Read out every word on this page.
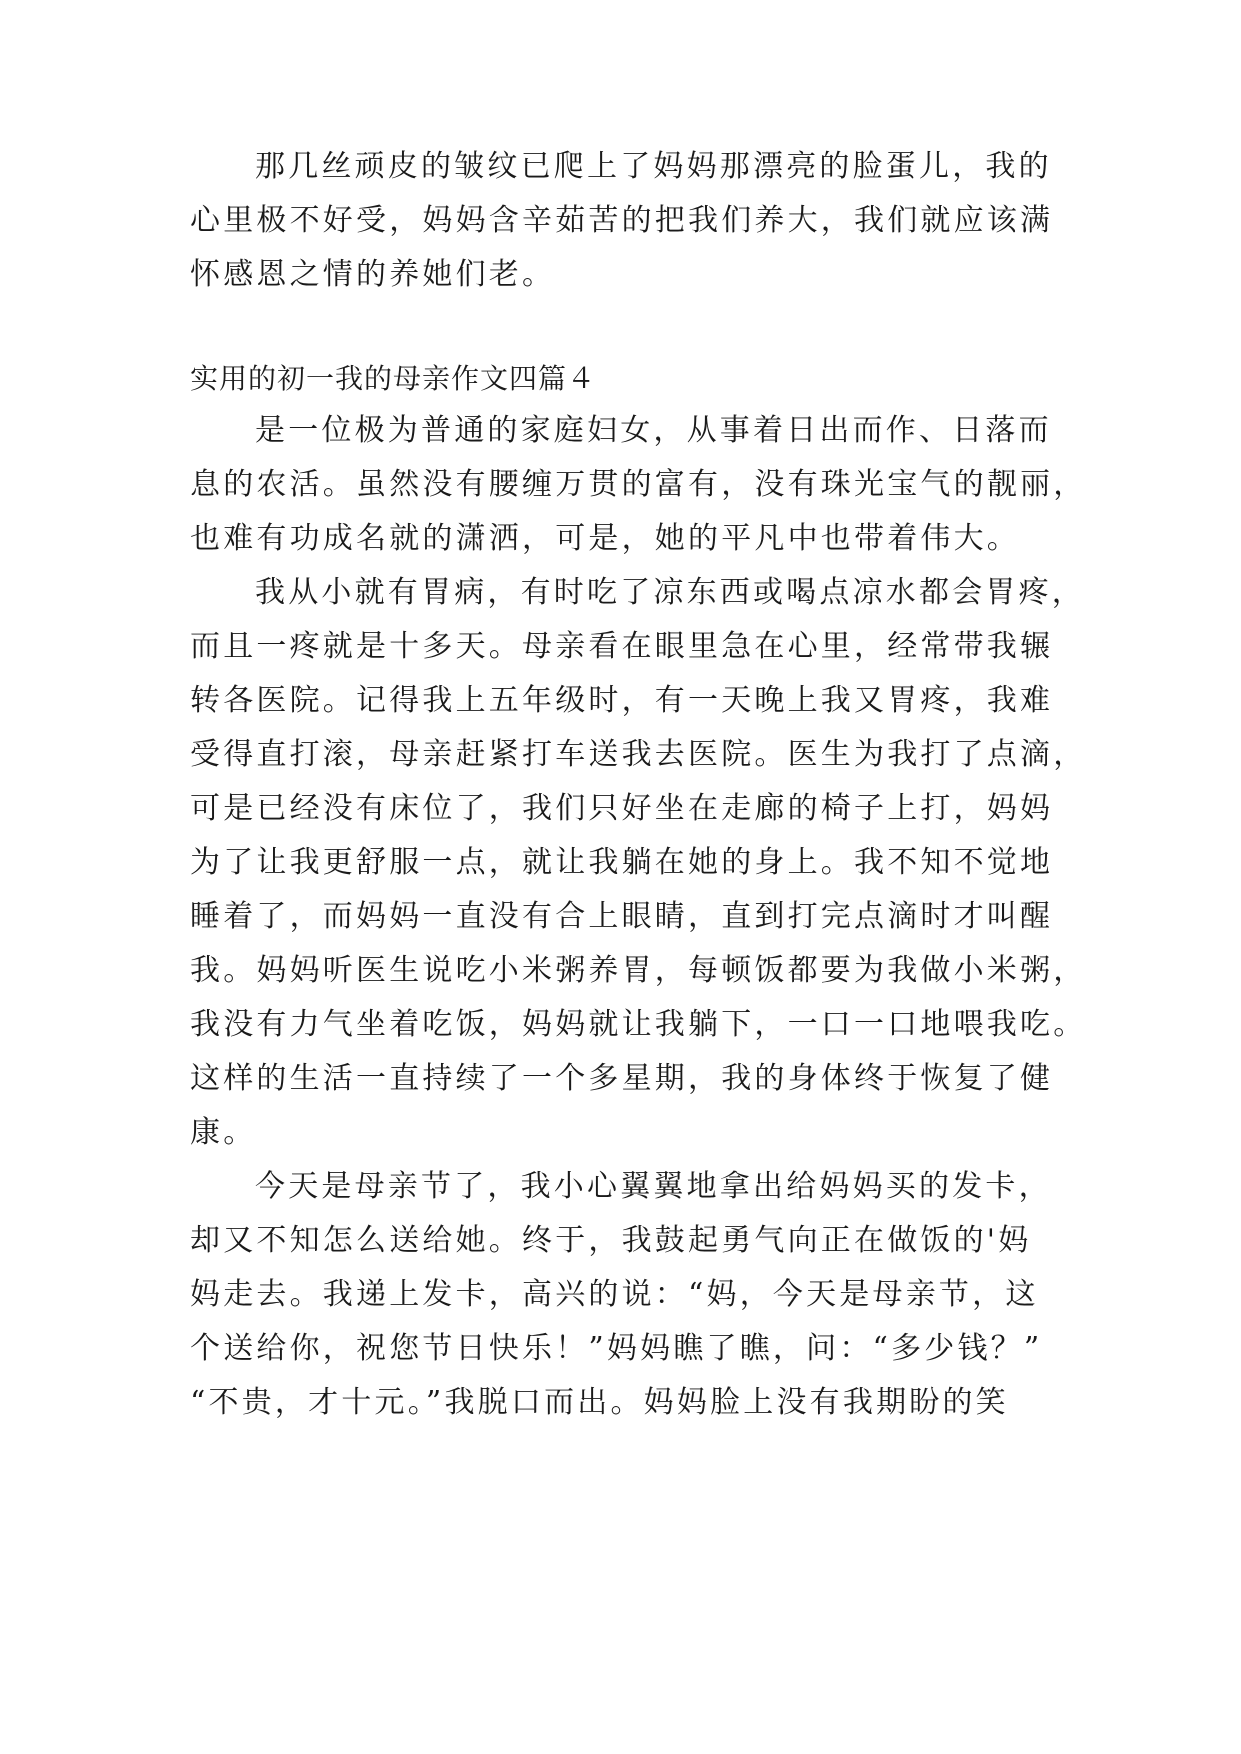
那几丝顽皮的皱纹已爬上了妈妈那漂亮的脸蛋儿，我的
心里极不好受，妈妈含辛茹苦的把我们养大，我们就应该满
怀感恩之情的养她们老。
实用的初一我的母亲作文四篇４
是一位极为普通的家庭妇女，从事着日出而作、日落而
息的农活。虽然没有腰缠万贯的富有，没有珠光宝气的靓丽，
也难有功成名就的潇洒，可是，她的平凡中也带着伟大。
我从小就有胃病，有时吃了凉东西或喝点凉水都会胃疼，
而且一疼就是十多天。母亲看在眼里急在心里，经常带我辗
转各医院。记得我上五年级时，有一天晚上我又胃疼，我难
受得直打滚，母亲赶紧打车送我去医院。医生为我打了点滴，
可是已经没有床位了，我们只好坐在走廊的椅子上打，妈妈
为了让我更舒服一点，就让我躺在她的身上。我不知不觉地
睡着了，而妈妈一直没有合上眼睛，直到打完点滴时才叫醒
我。妈妈听医生说吃小米粥养胃，每顿饭都要为我做小米粥，
我没有力气坐着吃饭，妈妈就让我躺下，一口一口地喂我吃。
这样的生活一直持续了一个多星期，我的身体终于恢复了健
康。
今天是母亲节了，我小心翼翼地拿出给妈妈买的发卡，
却又不知怎么送给她。终于，我鼓起勇气向正在做饭的'妈
妈走去。我递上发卡，高兴的说：“妈，今天是母亲节，这
个送给你，祝您节日快乐！”妈妈瞧了瞧，问：“多少钱？”
“不贵，才十元。”我脱口而出。妈妈脸上没有我期盼的笑
